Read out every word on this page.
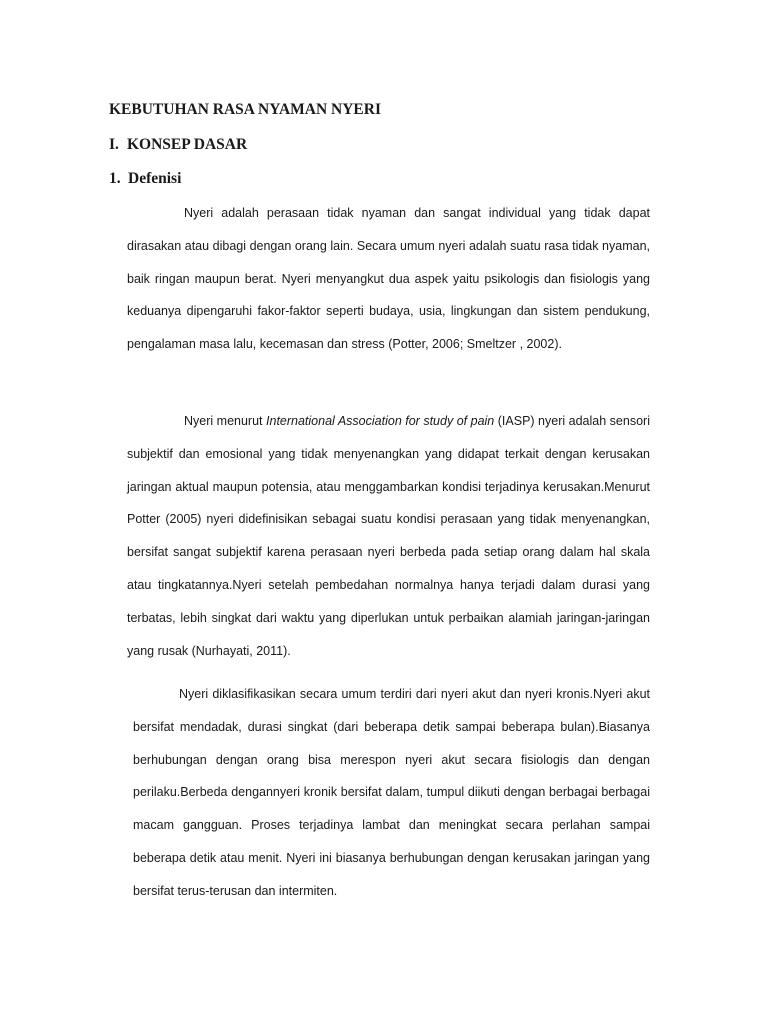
KEBUTUHAN RASA NYAMAN NYERI
I. KONSEP DASAR
1. Defenisi

Nyeri adalah perasaan tidak nyaman dan sangat individual yang tidak dapat dirasakan atau dibagi dengan orang lain. Secara umum nyeri adalah suatu rasa tidak nyaman, baik ringan maupun berat. Nyeri menyangkut dua aspek yaitu psikologis dan fisiologis yang keduanya dipengaruhi fakor-faktor seperti budaya, usia, lingkungan dan sistem pendukung, pengalaman masa lalu, kecemasan dan stress (Potter, 2006; Smeltzer , 2002).

Nyeri menurut International Association for study of pain (IASP) nyeri adalah sensori subjektif dan emosional yang tidak menyenangkan yang didapat terkait dengan kerusakan jaringan aktual maupun potensia, atau menggambarkan kondisi terjadinya kerusakan.Menurut Potter (2005) nyeri didefinisikan sebagai suatu kondisi perasaan yang tidak menyenangkan, bersifat sangat subjektif karena perasaan nyeri berbeda pada setiap orang dalam hal skala atau tingkatannya.Nyeri setelah pembedahan normalnya hanya terjadi dalam durasi yang terbatas, lebih singkat dari waktu yang diperlukan untuk perbaikan alamiah jaringan-jaringan yang rusak (Nurhayati, 2011).

Nyeri diklasifikasikan secara umum terdiri dari nyeri akut dan nyeri kronis.Nyeri akut bersifat mendadak, durasi singkat (dari beberapa detik sampai beberapa bulan).Biasanya berhubungan dengan orang bisa merespon nyeri akut secara fisiologis dan dengan perilaku.Berbeda dengannyeri kronik bersifat dalam, tumpul diikuti dengan berbagai berbagai macam gangguan. Proses terjadinya lambat dan meningkat secara perlahan sampai beberapa detik atau menit. Nyeri ini biasanya berhubungan dengan kerusakan jaringan yang bersifat terus-terusan dan intermiten.
